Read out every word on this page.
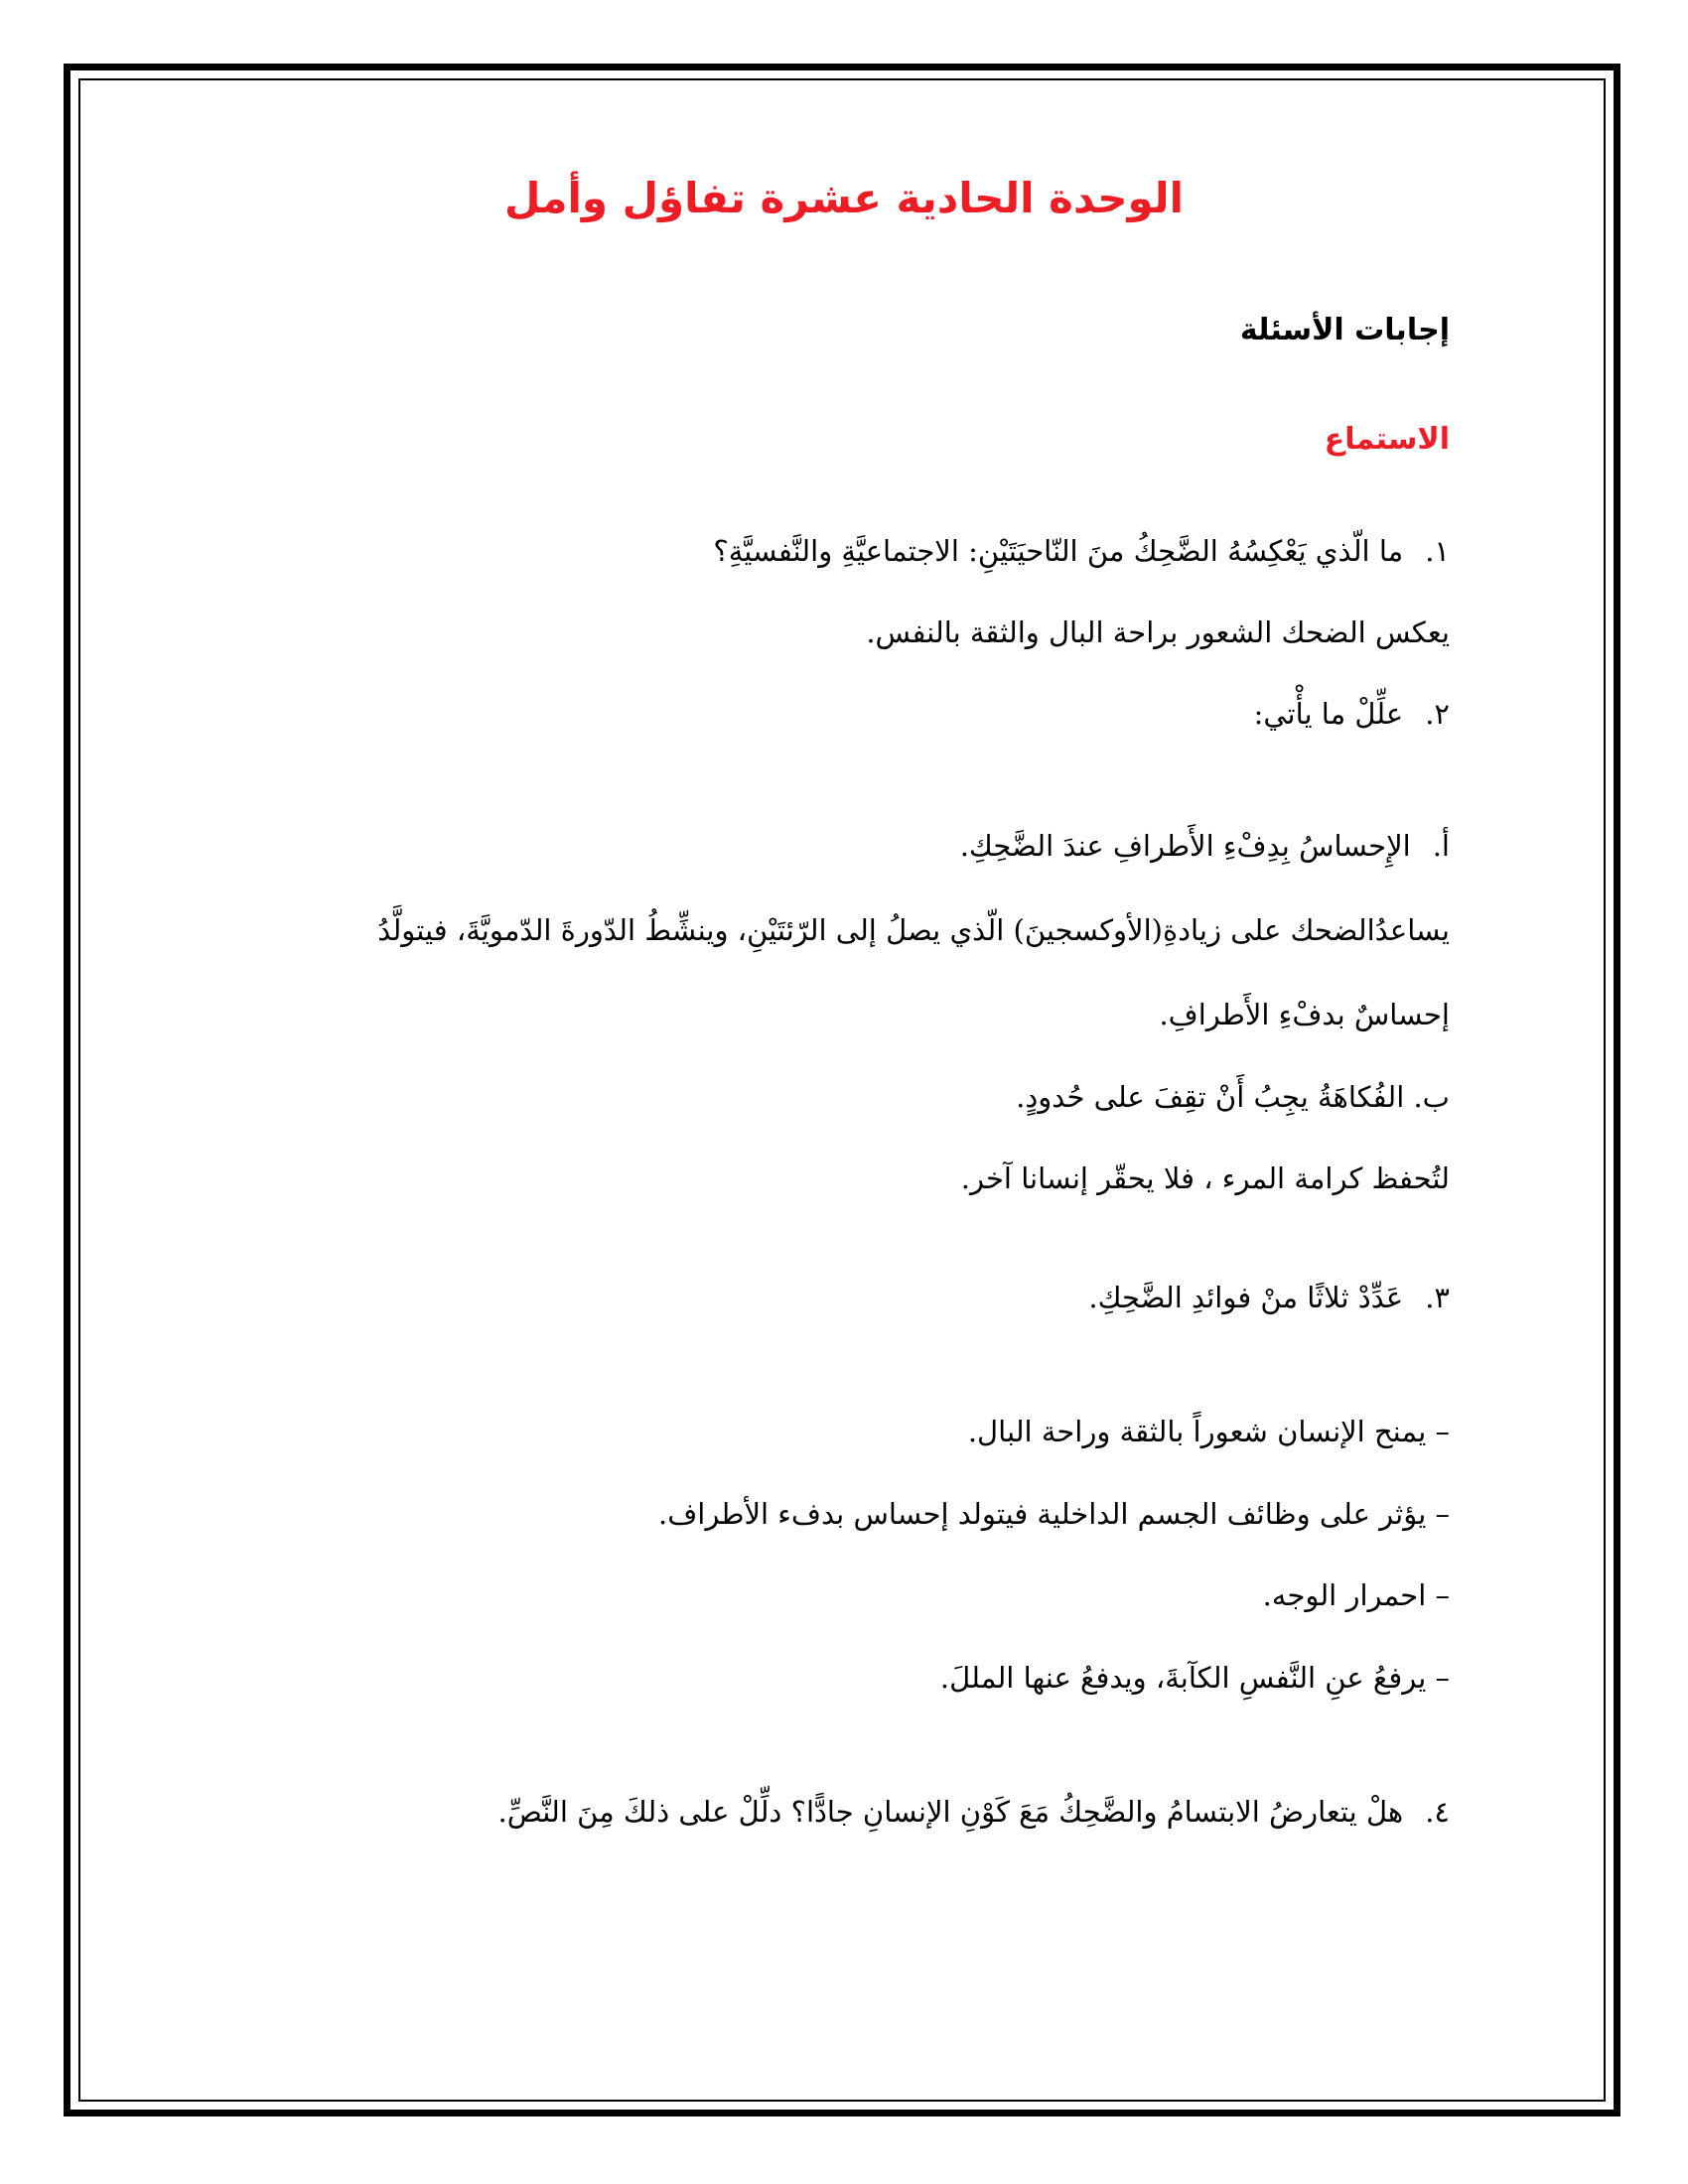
الوحدة الحادية عشرة تفاؤل وأمل

إجابات الأسئلة

الاستماع

١.ما الّذي يَعْكِسُهُ الضَّحِكُ منَ النّاحيَتَيْنِ: الاجتماعيَّةِ والنَّفسيَّةِ؟

يعكس الضحك الشعور براحة البال والثقة بالنفس.

٢.علِّلْ ما يأْتي:

أ.الإِحساسُ بِدِفْءِ الأَطرافِ عندَ الضَّحِكِ.

يساعدُالضحك على زيادةِ(الأوكسجينَ) الّذي يصلُ إلى الرّئتَيْنِ، وينشِّطُ الدّورةَ الدّمويَّةَ، فيتولَّدُ

إحساسٌ بدفْءِ الأَطرافِ.

ب. الفُكاهَةُ يجِبُ أَنْ تقِفَ على حُدودٍ.

لتُحفظ كرامة المرء ، فلا يحقّر إنسانا آخر.

٣.عَدِّدْ ثلاثًا منْ فوائدِ الضَّحِكِ.

– يمنح الإنسان شعوراً بالثقة وراحة البال.

– يؤثر على وظائف الجسم الداخلية فيتولد إحساس بدفء الأطراف.

– احمرار الوجه.

– يرفعُ عنِ النَّفسِ الكآبةَ، ويدفعُ عنها المللَ.

٤.هلْ يتعارضُ الابتسامُ والضَّحِكُ مَعَ كَوْنِ الإنسانِ جادًّا؟ دلِّلْ على ذلكَ مِنَ النَّصِّ.
